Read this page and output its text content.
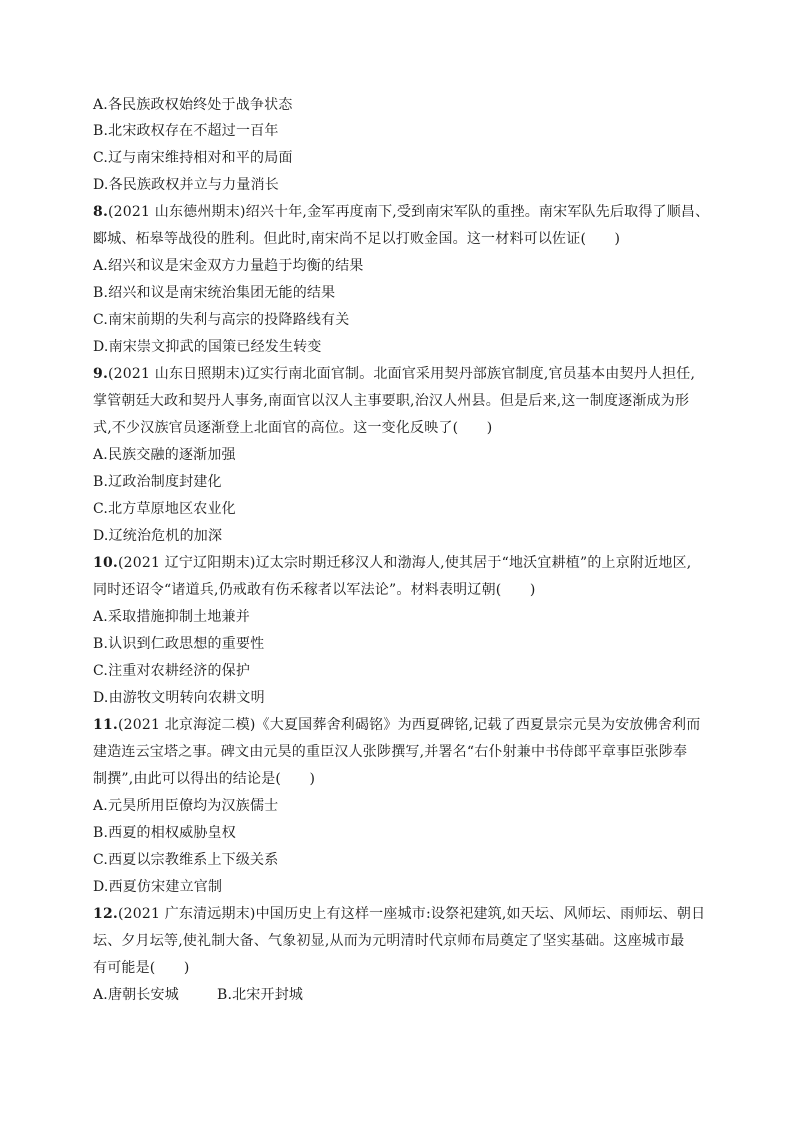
A.各民族政权始终处于战争状态
B.北宋政权存在不超过一百年
C.辽与南宋维持相对和平的局面
D.各民族政权并立与力量消长
8.(2021 山东德州期末)绍兴十年,金军再度南下,受到南宋军队的重挫。南宋军队先后取得了顺昌、
郾城、柘皋等战役的胜利。但此时,南宋尚不足以打败金国。这一材料可以佐证(　　)
A.绍兴和议是宋金双方力量趋于均衡的结果
B.绍兴和议是南宋统治集团无能的结果
C.南宋前期的失利与高宗的投降路线有关
D.南宋崇文抑武的国策已经发生转变
9.(2021 山东日照期末)辽实行南北面官制。北面官采用契丹部族官制度,官员基本由契丹人担任,
掌管朝廷大政和契丹人事务,南面官以汉人主事要职,治汉人州县。但是后来,这一制度逐渐成为形
式,不少汉族官员逐渐登上北面官的高位。这一变化反映了(　　)
A.民族交融的逐渐加强
B.辽政治制度封建化
C.北方草原地区农业化
D.辽统治危机的加深
10.(2021 辽宁辽阳期末)辽太宗时期迁移汉人和渤海人,使其居于“地沃宜耕植”的上京附近地区,
同时还诏令“诸道兵,仍戒敢有伤禾稼者以军法论”。材料表明辽朝(　　)
A.采取措施抑制土地兼并
B.认识到仁政思想的重要性
C.注重对农耕经济的保护
D.由游牧文明转向农耕文明
11.(2021 北京海淀二模)《大夏国葬舍利碣铭》为西夏碑铭,记载了西夏景宗元昊为安放佛舍利而
建造连云宝塔之事。碑文由元昊的重臣汉人张陟撰写,并署名“右仆射兼中书侍郎平章事臣张陟奉
制撰”,由此可以得出的结论是(　　)
A.元昊所用臣僚均为汉族儒士
B.西夏的相权威胁皇权
C.西夏以宗教维系上下级关系
D.西夏仿宋建立官制
12.(2021 广东清远期末)中国历史上有这样一座城市:设祭祀建筑,如天坛、风师坛、雨师坛、朝日
坛、夕月坛等,使礼制大备、气象初显,从而为元明清时代京师布局奠定了坚实基础。这座城市最
有可能是(　　)
A.唐朝长安城	B.北宋开封城
